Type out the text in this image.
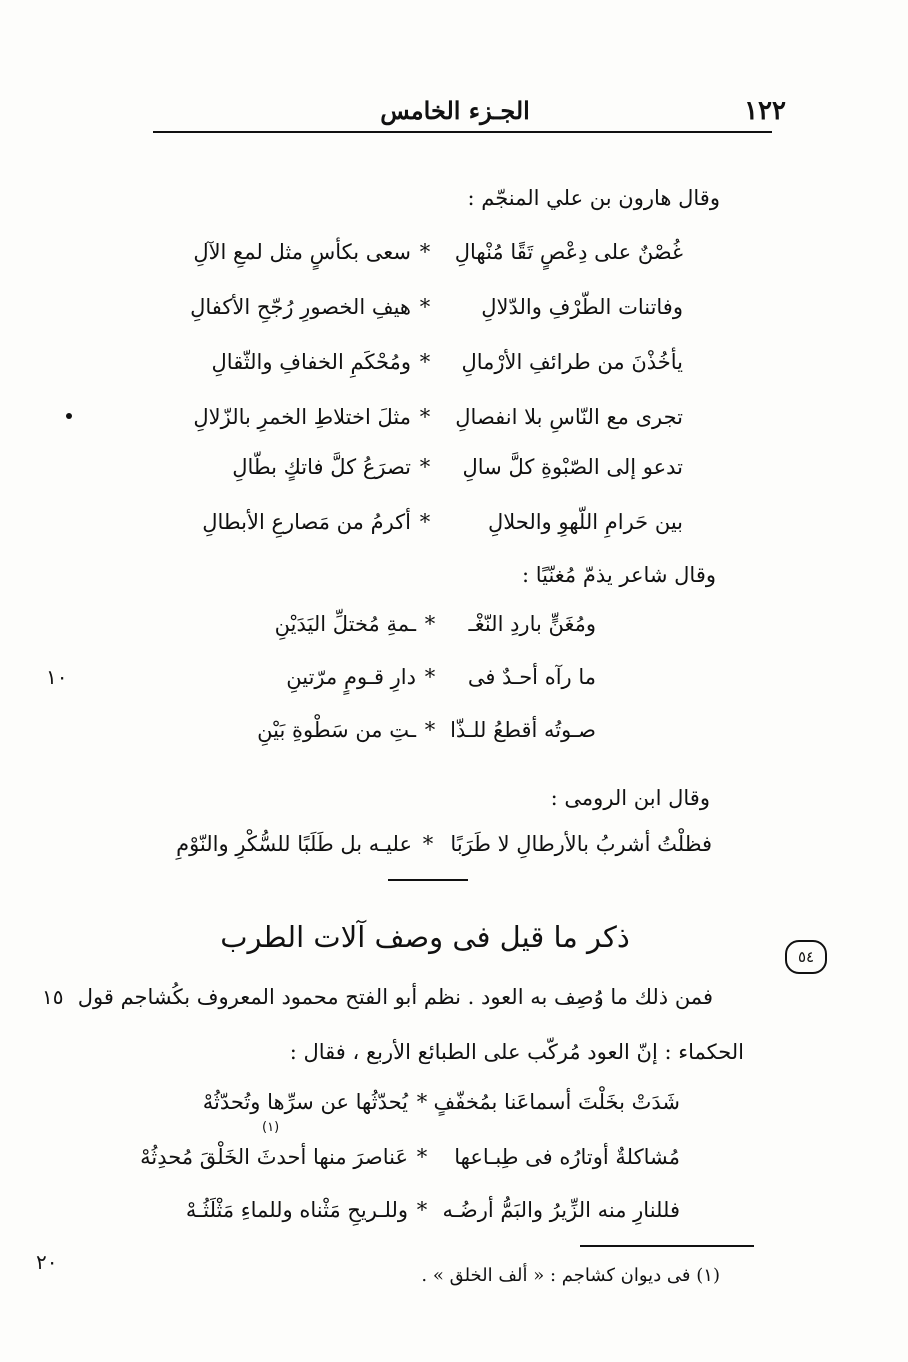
١٢٢
الجـزء الخامس
وقال هارون بن علي المنجّم :
غُصْنٌ على دِعْصٍ تَقًا مُنْهالِ
*
سعى بكأسٍ مثل لمعِ الآلِ
وفاتنات الطّرْفِ والدّلالِ
*
هيفِ الخصورِ رُجّحِ الأكفالِ
يأخُذْنَ من طرائفِ الأرْمالِ
*
ومُحْكَمِ الخفافِ والثّقالِ
تجرى مع النّاسِ بلا انفصالِ
*
مثلَ اختلاطِ الخمرِ بالزّلالِ
تدعو إلى الصّبْوةِ كلَّ سالِ
*
تصرَعُ كلَّ فاتكٍ بطّالِ
بين حَرامِ اللّهوِ والحلالِ
*
أكرمُ من مَصارعِ الأبطالِ
وقال شاعر يذمّ مُغنّيًا :
ومُغَنٍّ باردِ النّغْـ
*
ـمةِ مُختلِّ اليَدَيْنِ
ما رآه أحـدٌ فى
*
دارِ قـومٍ مرّتينِ
صـوتُه أقطعُ للـذّا
*
ـتِ من سَطْوةِ بَيْنِ
١٠
وقال ابن الرومى :
فظلْتُ أشربُ بالأرطالِ لا طَرَبًا
*
عليـه بل طَلَبًا للسُّكْرِ والنّوْمِ
ذكر ما قيل فى وصف آلات الطرب
٥٤
فمن ذلك ما وُصِف به العود . نظم أبو الفتح محمود المعروف بكُشاجم قول
١٥
الحكماء : إنّ العود مُركّب على الطبائع الأربع ، فقال :
شَدَتْ بخَلْتَ أسماعَنا بمُخفّفٍ
*
يُحدّثُها عن سرِّها وتُحدّثُهْ
مُشاكلةٌ أوتارُه فى طِبـاعها
*
عَناصرَ منها أحدثَ الخَلْقَ مُحدِثُهْ
(١)
فللنارِ منه الزِّيرُ والبَمُّ أرضُـه
*
وللـريحِ مَثْناه وللماءِ مَثْلَثُـهْ
٢٠
(١) فى ديوان كشاجم : « ألف الخلق » .
